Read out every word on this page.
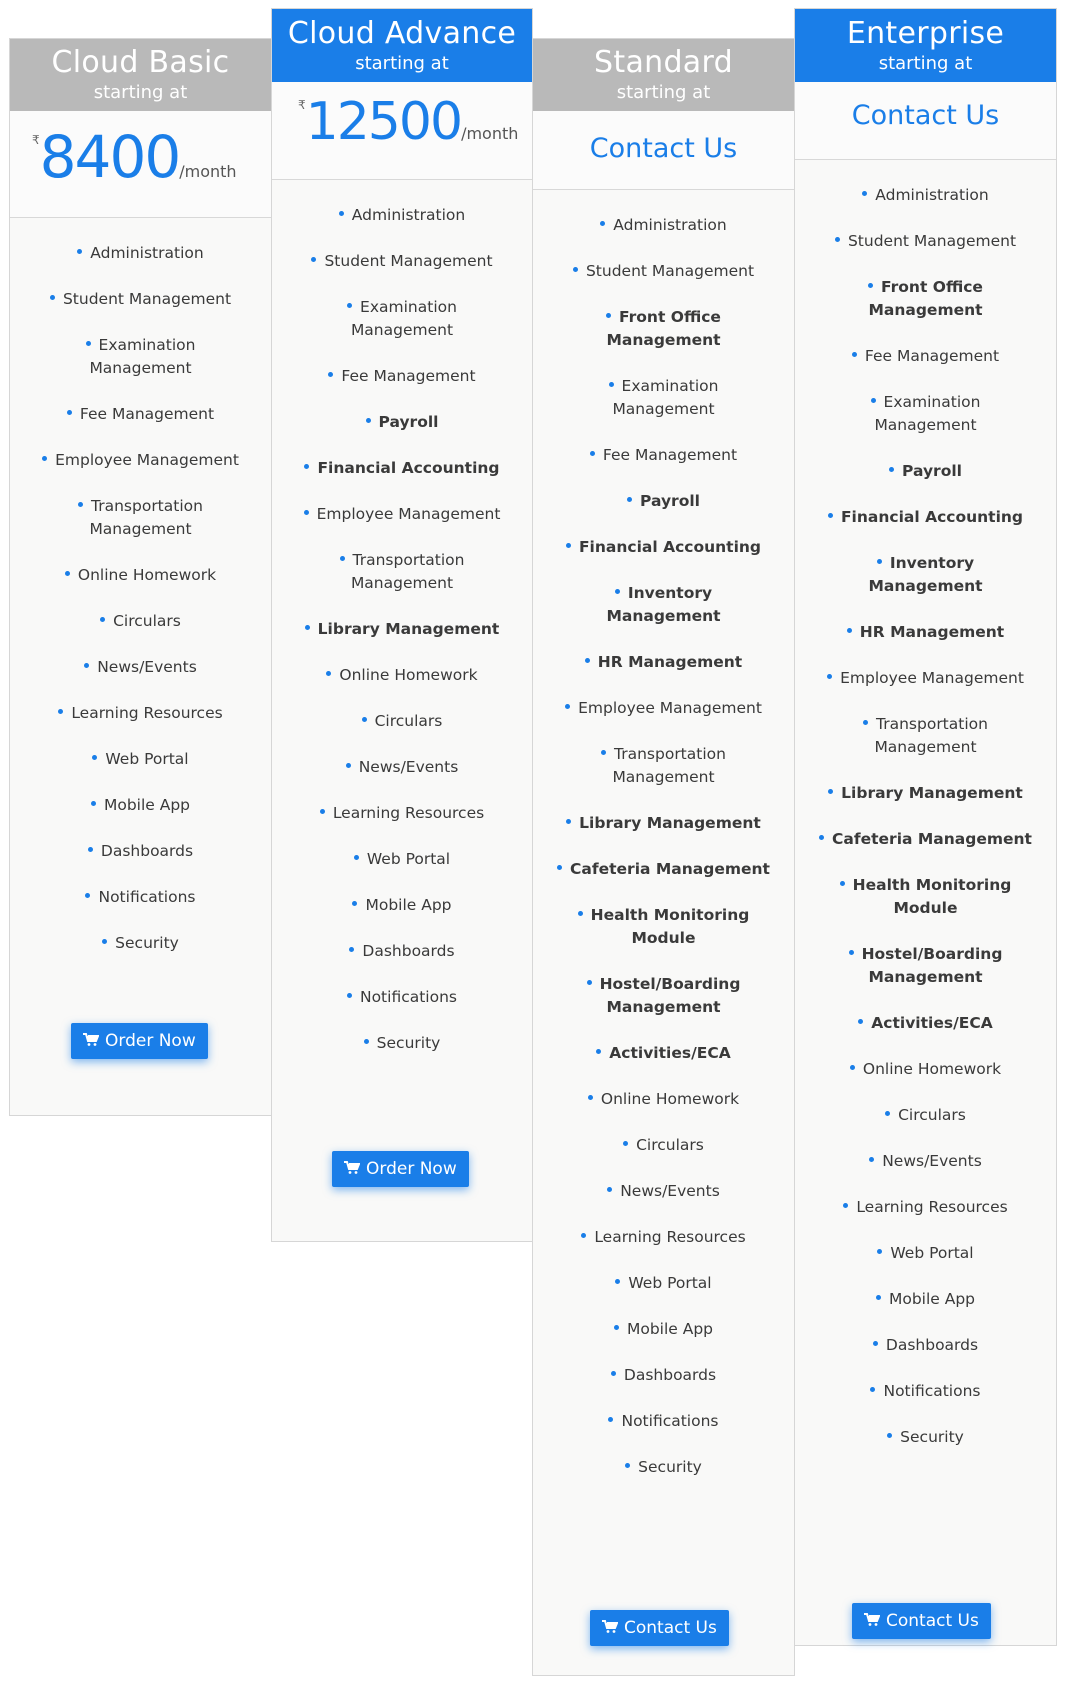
Cloud Basic
starting at
₹8400/month
Administration
Student Management
Examination Management
Fee Management
Employee Management
Transportation Management
Online Homework
Circulars
News/Events
Learning Resources
Web Portal
Mobile App
Dashboards
Notifications
Security
Order Now
Cloud Advance
starting at
₹12500/month
Administration
Student Management
Examination Management
Fee Management
Payroll
Financial Accounting
Employee Management
Transportation Management
Library Management
Online Homework
Circulars
News/Events
Learning Resources
Web Portal
Mobile App
Dashboards
Notifications
Security
Order Now
Standard
starting at
Contact Us
Administration
Student Management
Front Office Management
Examination Management
Fee Management
Payroll
Financial Accounting
Inventory Management
HR Management
Employee Management
Transportation Management
Library Management
Cafeteria Management
Health Monitoring Module
Hostel/Boarding Management
Activities/ECA
Online Homework
Circulars
News/Events
Learning Resources
Web Portal
Mobile App
Dashboards
Notifications
Security
Contact Us
Enterprise
starting at
Contact Us
Administration
Student Management
Front Office Management
Fee Management
Examination Management
Payroll
Financial Accounting
Inventory Management
HR Management
Employee Management
Transportation Management
Library Management
Cafeteria Management
Health Monitoring Module
Hostel/Boarding Management
Activities/ECA
Online Homework
Circulars
News/Events
Learning Resources
Web Portal
Mobile App
Dashboards
Notifications
Security
Contact Us
